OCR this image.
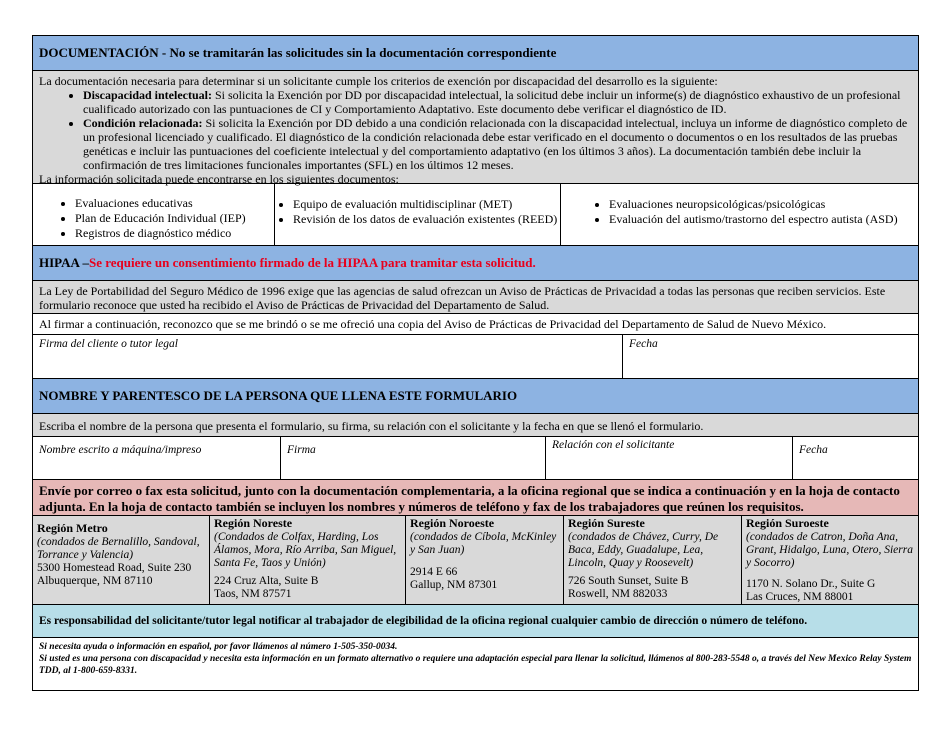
DOCUMENTACIÓN - No se tramitarán las solicitudes sin la documentación correspondiente
La documentación necesaria para determinar si un solicitante cumple los criterios de exención por discapacidad del desarrollo es la siguiente:
• Discapacidad intelectual: Si solicita la Exención por DD por discapacidad intelectual, la solicitud debe incluir un informe(s) de diagnóstico exhaustivo de un profesional cualificado autorizado con las puntuaciones de CI y Comportamiento Adaptativo. Este documento debe verificar el diagnóstico de ID.
• Condición relacionada: Si solicita la Exención por DD debido a una condición relacionada con la discapacidad intelectual, incluya un informe de diagnóstico completo de un profesional licenciado y cualificado. El diagnóstico de la condición relacionada debe estar verificado en el documento o documentos o en los resultados de las pruebas genéticas e incluir las puntuaciones del coeficiente intelectual y del comportamiento adaptativo (en los últimos 3 años). La documentación también debe incluir la confirmación de tres limitaciones funcionales importantes (SFL) en los últimos 12 meses.
La información solicitada puede encontrarse en los siguientes documentos:
• Evaluaciones educativas
• Plan de Educación Individual (IEP)
• Registros de diagnóstico médico
• Equipo de evaluación multidisciplinar (MET)
• Revisión de los datos de evaluación existentes (REED)
• Evaluaciones neuropsicológicas/psicológicas
• Evaluación del autismo/trastorno del espectro autista (ASD)
HIPAA – Se requiere un consentimiento firmado de la HIPAA para tramitar esta solicitud.
La Ley de Portabilidad del Seguro Médico de 1996 exige que las agencias de salud ofrezcan un Aviso de Prácticas de Privacidad a todas las personas que reciben servicios. Este formulario reconoce que usted ha recibido el Aviso de Prácticas de Privacidad del Departamento de Salud.
Al firmar a continuación, reconozco que se me brindó o se me ofreció una copia del Aviso de Prácticas de Privacidad del Departamento de Salud de Nuevo México.
Firma del cliente o tutor legal	Fecha
NOMBRE Y PARENTESCO DE LA PERSONA QUE LLENA ESTE FORMULARIO
Escriba el nombre de la persona que presenta el formulario, su firma, su relación con el solicitante y la fecha en que se llenó el formulario.
Nombre escrito a máquina/impreso	Firma	Relación con el solicitante	Fecha
Envíe por correo o fax esta solicitud, junto con la documentación complementaria, a la oficina regional que se indica a continuación y en la hoja de contacto adjunta. En la hoja de contacto también se incluyen los nombres y números de teléfono y fax de los trabajadores que reúnen los requisitos.
Región Metro
(condados de Bernalillo, Sandoval, Torrance y Valencia)
5300 Homestead Road, Suite 230
Albuquerque, NM 87110
Región Noreste
(Condados de Colfax, Harding, Los Álamos, Mora, Río Arriba, San Miguel, Santa Fe, Taos y Unión)
224 Cruz Alta, Suite B
Taos, NM 87571
Región Noroeste
(condados de Cíbola, McKinley y San Juan)
2914 E 66
Gallup, NM 87301
Región Sureste
(condados de Chávez, Curry, De Baca, Eddy, Guadalupe, Lea, Lincoln, Quay y Roosevelt)
726 South Sunset, Suite B
Roswell, NM 882033
Región Suroeste
(condados de Catron, Doña Ana, Grant, Hidalgo, Luna, Otero, Sierra y Socorro)
1170 N. Solano Dr., Suite G
Las Cruces, NM 88001
Es responsabilidad del solicitante/tutor legal notificar al trabajador de elegibilidad de la oficina regional cualquier cambio de dirección o número de teléfono.
Si necesita ayuda o información en español, por favor llámenos al número 1-505-350-0034.
Si usted es una persona con discapacidad y necesita esta información en un formato alternativo o requiere una adaptación especial para llenar la solicitud, llámenos al 800-283-5548 o, a través del New Mexico Relay System TDD, al 1-800-659-8331.
